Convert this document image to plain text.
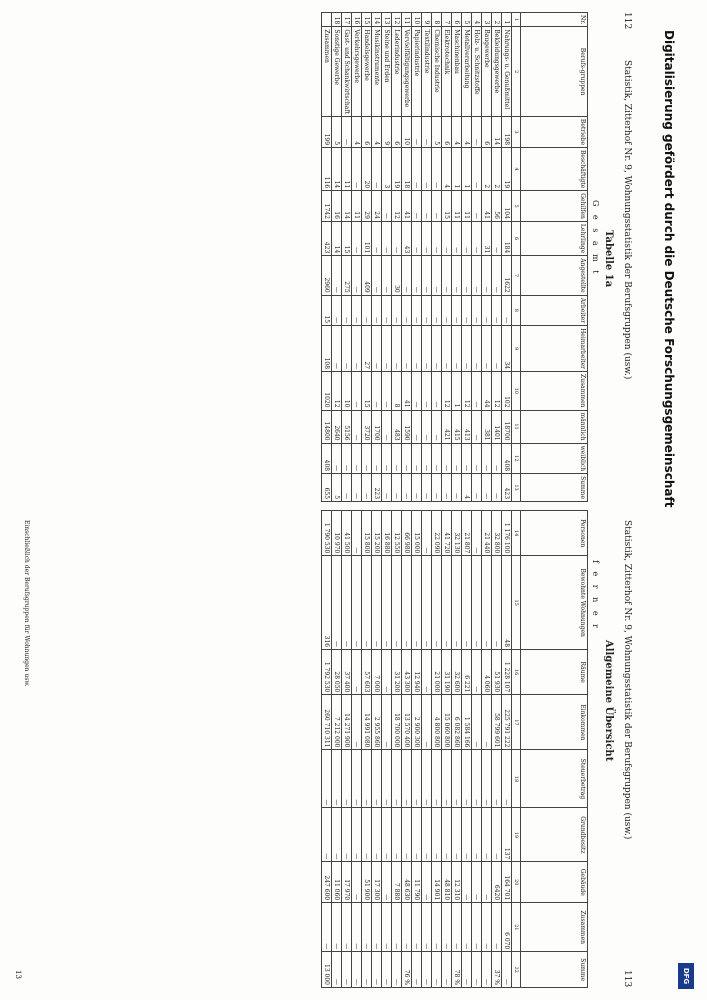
112
Statistik, Zitterhof Nr. 9, Wohnungsstatistik der Berufsgruppen (usw.)
Tabelle 1a
G e s a m t
Nr.	Berufs-gruppen	Betriebe	Beschäftigte	Gehilfen	Lehrlinge	Angestellte	Arbeiter	Heimarbeiter	Zusammen	männlich	weiblich	Summe
1	2	3	4	5	6	7	8	9	10	11	12	13
1	Nahrungs- u. Genußmittel	198	19	104	184	1622	—	34	102	18700	408	423
2	Bekleidungsgewerbe	14	2	56	—	—	—	—	12	1401	—	—
3	Baugewerbe	6	2	41	31	—	—	—	44	381	—	—
4	Holz- u. Schnitzstoffe	—	—	—	—	—	—	—	—	—	—	—
5	Metallverarbeitung	4	1	11	—	—	—	—	12	413	—	4
6	Maschinenbau	4	1	11	—	—	—	—	1	415	—	—
7	Elektrotechnik	6	4	15	—	—	—	—	12	421	—	—
8	Chemische Industrie	5	—	—	—	—	—	—	—	—	—	—
9	Textilindustrie	—	—	—	—	—	—	—	—	—	—	—
10	Papierindustrie	—	—	—	—	—	—	—	—	—	—	—
11	Vervielfältigungsgewerbe	10	18	41	43	—	—	—	41	1590	—	—
12	Lederindustrie	6	19	12	—	30	—	—	8	483	—	—
13	Steine und Erden	9	3	—	—	—	—	—	—	—	—	—
14	Musikinstrumente	4	—	24	—	—	—	—	—	1700	—	223
15	Handelsgewerbe	6	20	29	101	409	—	27	15	3720	—	—
16	Verkehrsgewerbe	4	—	11	—	—	—	—	—	—	—	—
17	Gast- und Schankwirtschaft	—	11	14	15	275	—	—	10	5156	—	—
18	Sonstige Gewerbe	5	14	16	14	—	—	—	12	2640	—	5
	Zusammen	199	116	1742	423	2960	15	108	1020	14800	408	655
Statistik, Zitterhof Nr. 9, Wohnungsstatistik der Berufsgruppen (usw.)
113
Allgemeine Übersicht
f e r n e r
Personen	Bewohnte Wohnungen	Räume	Einkommen	Steuerbetrag	Grundbesitz	Gebäude	Zusammen	Summe
14	15	16	17	18	19	20	21	22
1 176 100	48	1 228 107	225 791 222	—	137	164 701	6 070	—
32 800	—	51 930	58 799 601	—	—	6420	—	37 %
21 440	—	4 060	—	—	—	—	—	—
—	—	—	—	—	—	—	—	—
21 807	—	6 221	1 584 166	—	—	—	—	—
32 130	—	32 600	6 082 860	—	—	12 310	—	78 %
41 720	—	31 190	15 060 800	—	—	48 810	—	—
22 090	—	21 000	4 800 800	—	—	14 901	—	—
—	—	—	—	—	—	—	—	—
15 000	—	12 940	2 900 300	—	—	11 790	—	—
66 980	—	43 300	13 570 400	—	—	48 630	—	76 %
12 550	—	31 200	18 700 000	—	—	7 880	—	—
16 880	—	—	—	—	—	—	—	—
15 200	—	7 000	2 955 860	—	—	17 300	—	—
15 800	—	57 603	14 991 080	—	—	51 900	—	—
—	—	—	—	—	—	—	—	—
41 500	—	37 400	14 271 900	—	—	17 970	—	—
10 970	—	28 050	7 212 000	—	—	11 060	—	—
1 790 530	316	1 792 530	260 710 311	—	—	247 600	—	13 000
Einschließlich der Berufsgruppen für Wohnungen usw.
13
Digitalisierung gefördert durch die Deutsche Forschungsgemeinschaft
DFG
